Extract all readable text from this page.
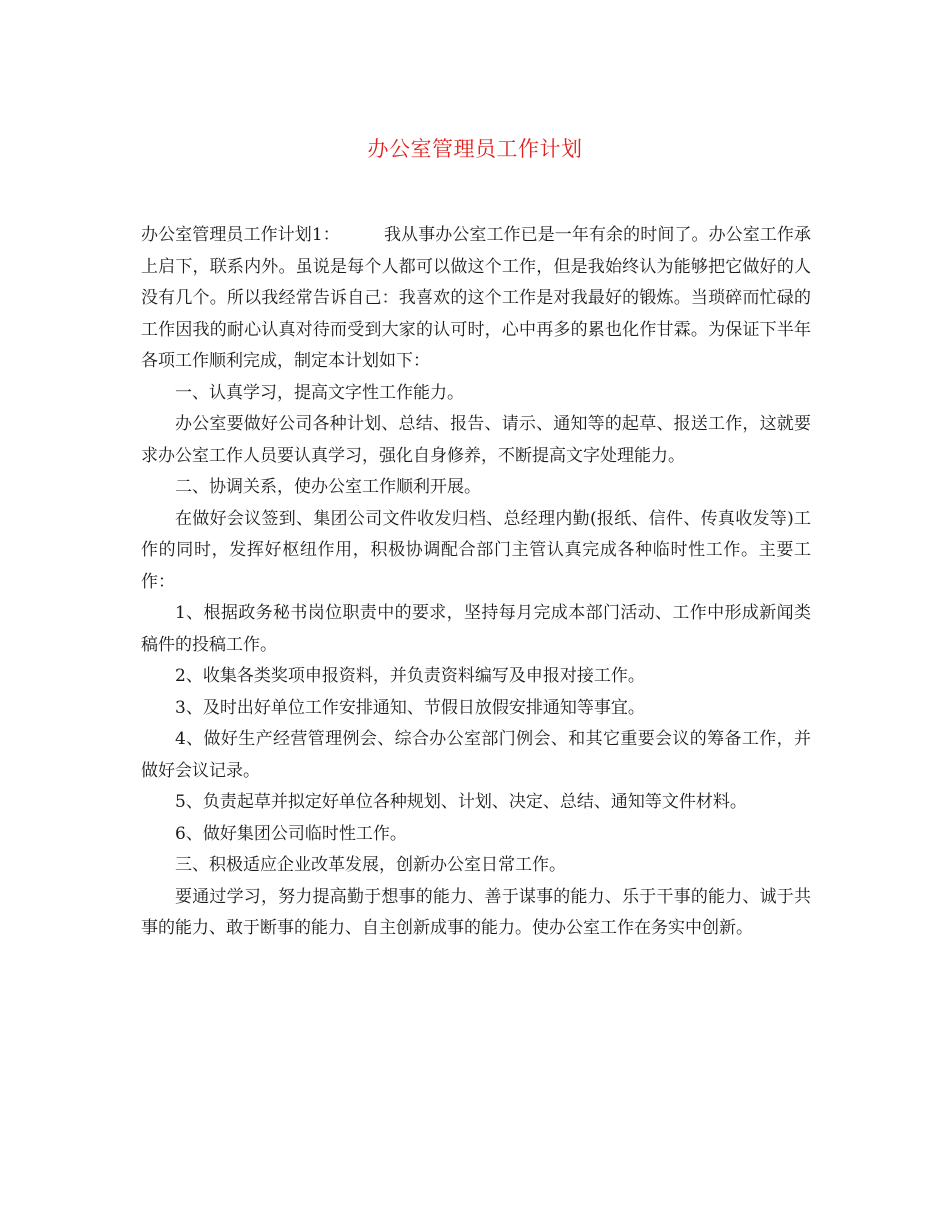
办公室管理员工作计划

办公室管理员工作计划1：	我从事办公室工作已是一年有余的时间了。办公室工作承上启下，联系内外。虽说是每个人都可以做这个工作，但是我始终认为能够把它做好的人没有几个。所以我经常告诉自己：我喜欢的这个工作是对我最好的锻炼。当琐碎而忙碌的工作因我的耐心认真对待而受到大家的认可时，心中再多的累也化作甘霖。为保证下半年各项工作顺利完成，制定本计划如下：

一、认真学习，提高文字性工作能力。

办公室要做好公司各种计划、总结、报告、请示、通知等的起草、报送工作，这就要求办公室工作人员要认真学习，强化自身修养，不断提高文字处理能力。

二、协调关系，使办公室工作顺利开展。

在做好会议签到、集团公司文件收发归档、总经理内勤(报纸、信件、传真收发等)工作的同时，发挥好枢纽作用，积极协调配合部门主管认真完成各种临时性工作。主要工作：

1、根据政务秘书岗位职责中的要求，坚持每月完成本部门活动、工作中形成新闻类稿件的投稿工作。

2、收集各类奖项申报资料，并负责资料编写及申报对接工作。

3、及时出好单位工作安排通知、节假日放假安排通知等事宜。

4、做好生产经营管理例会、综合办公室部门例会、和其它重要会议的筹备工作，并做好会议记录。

5、负责起草并拟定好单位各种规划、计划、决定、总结、通知等文件材料。

6、做好集团公司临时性工作。

三、积极适应企业改革发展，创新办公室日常工作。

要通过学习，努力提高勤于想事的能力、善于谋事的能力、乐于干事的能力、诚于共事的能力、敢于断事的能力、自主创新成事的能力。使办公室工作在务实中创新。
